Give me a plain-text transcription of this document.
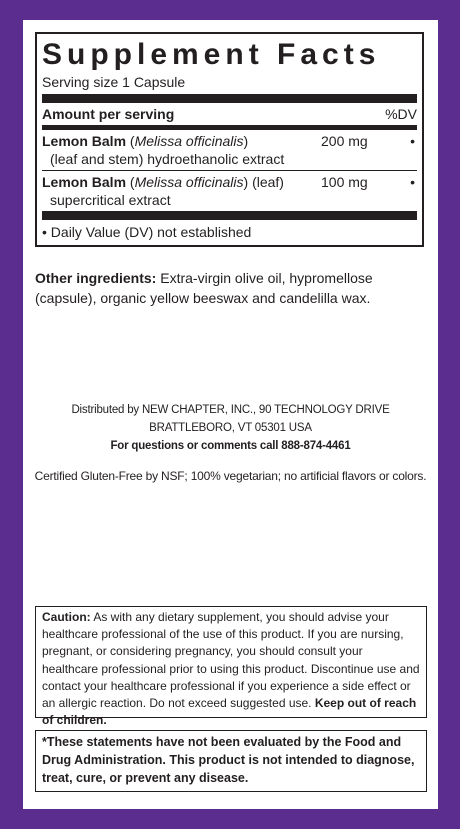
Supplement Facts
Serving size 1 Capsule
Amount per serving	%DV
Lemon Balm (Melissa officinalis)
(leaf and stem) hydroethanolic extract
200 mg	•
Lemon Balm (Melissa officinalis) (leaf)
supercritical extract
100 mg	•
• Daily Value (DV) not established
Other ingredients: Extra-virgin olive oil, hypromellose (capsule), organic yellow beeswax and candelilla wax.
Distributed by NEW CHAPTER, INC., 90 TECHNOLOGY DRIVE
BRATTLEBORO, VT 05301 USA
For questions or comments call 888-874-4461
Certified Gluten-Free by NSF; 100% vegetarian; no artificial flavors or colors.
Caution: As with any dietary supplement, you should advise your healthcare professional of the use of this product. If you are nursing, pregnant, or considering pregnancy, you should consult your healthcare professional prior to using this product. Discontinue use and contact your healthcare professional if you experience a side effect or an allergic reaction. Do not exceed suggested use. Keep out of reach of children.
*These statements have not been evaluated by the Food and Drug Administration. This product is not intended to diagnose, treat, cure, or prevent any disease.
